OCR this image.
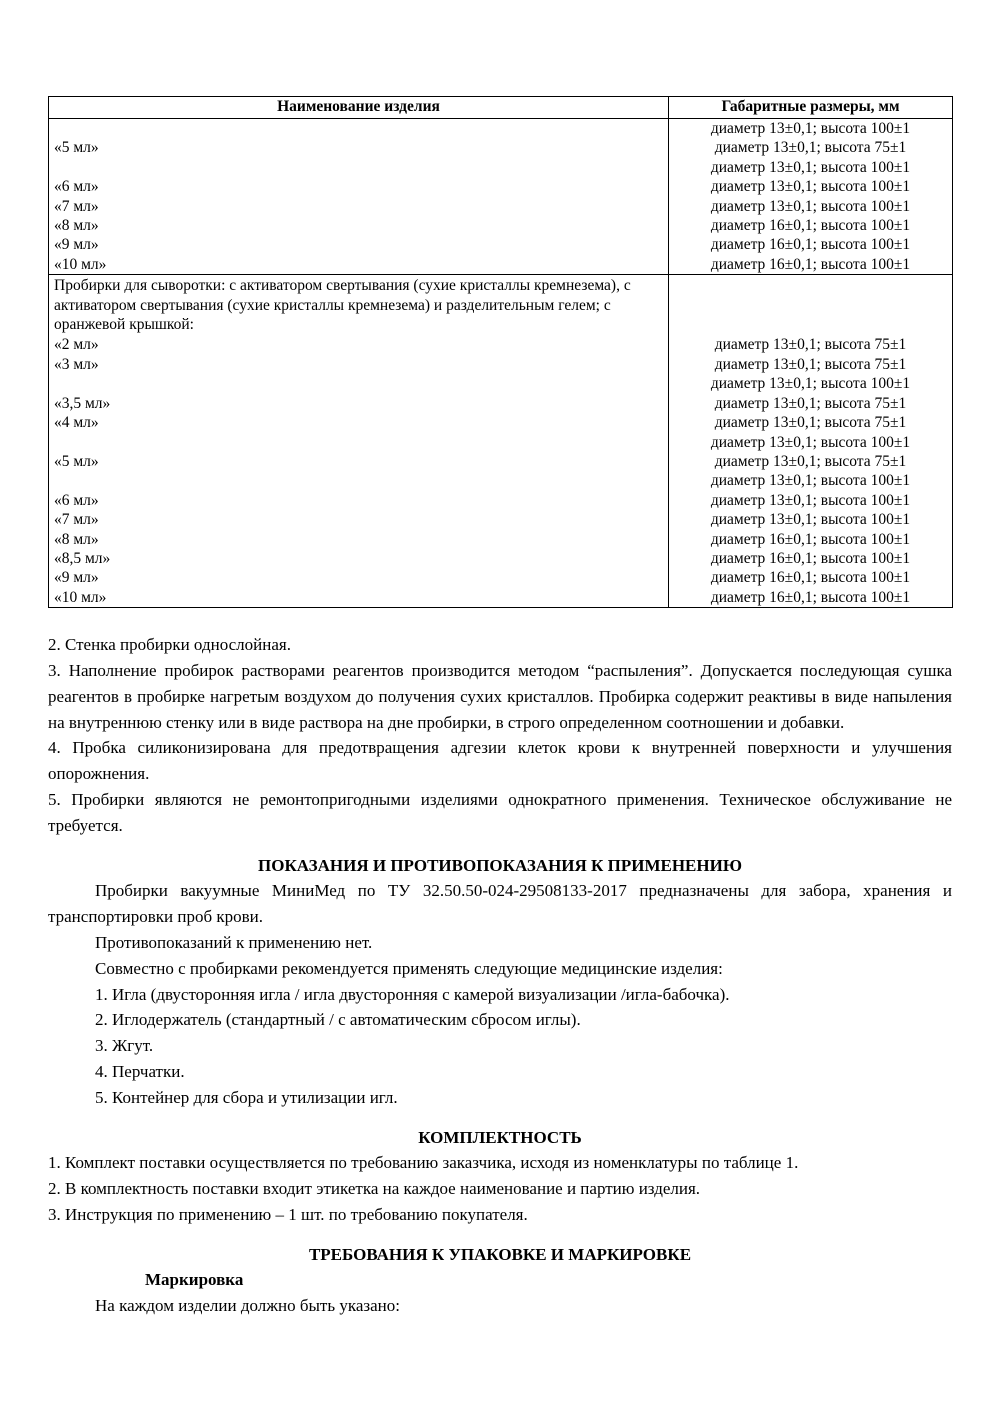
Наименование изделия	Габаритные размеры, мм
	диаметр 13±0,1; высота 100±1
«5 мл»	диаметр 13±0,1; высота 75±1
	диаметр 13±0,1; высота 100±1
«6 мл»	диаметр 13±0,1; высота 100±1
«7 мл»	диаметр 13±0,1; высота 100±1
«8 мл»	диаметр 16±0,1; высота 100±1
«9 мл»	диаметр 16±0,1; высота 100±1
«10 мл»	диаметр 16±0,1; высота 100±1
Пробирки для сыворотки: с активатором свертывания (сухие кристаллы кремнезема), с активатором свертывания (сухие кристаллы кремнезема) и разделительным гелем; с оранжевой крышкой:	
«2 мл»	диаметр 13±0,1; высота 75±1
«3 мл»	диаметр 13±0,1; высота 75±1
	диаметр 13±0,1; высота 100±1
«3,5 мл»	диаметр 13±0,1; высота 75±1
«4 мл»	диаметр 13±0,1; высота 75±1
	диаметр 13±0,1; высота 100±1
«5 мл»	диаметр 13±0,1; высота 75±1
	диаметр 13±0,1; высота 100±1
«6 мл»	диаметр 13±0,1; высота 100±1
«7 мл»	диаметр 13±0,1; высота 100±1
«8 мл»	диаметр 16±0,1; высота 100±1
«8,5 мл»	диаметр 16±0,1; высота 100±1
«9 мл»	диаметр 16±0,1; высота 100±1
«10 мл»	диаметр 16±0,1; высота 100±1
2. Стенка пробирки однослойная.
3. Наполнение пробирок растворами реагентов производится методом “распыления”. Допускается последующая сушка реагентов в пробирке нагретым воздухом до получения сухих кристаллов. Пробирка содержит реактивы в виде напыления на внутреннюю стенку или в виде раствора на дне пробирки, в строго определенном соотношении и добавки.
4. Пробка силиконизирована для предотвращения адгезии клеток крови к внутренней поверхности и улучшения опорожнения.
5. Пробирки являются не ремонтопригодными изделиями однократного применения. Техническое обслуживание не требуется.
ПОКАЗАНИЯ И ПРОТИВОПОКАЗАНИЯ К ПРИМЕНЕНИЮ
Пробирки вакуумные МиниМед по ТУ 32.50.50-024-29508133-2017 предназначены для забора, хранения и транспортировки проб крови.
Противопоказаний к применению нет.
Совместно с пробирками рекомендуется применять следующие медицинские изделия:
1. Игла (двусторонняя игла / игла двусторонняя с камерой визуализации /игла-бабочка).
2. Иглодержатель (стандартный / с автоматическим сбросом иглы).
3. Жгут.
4. Перчатки.
5. Контейнер для сбора и утилизации игл.
КОМПЛЕКТНОСТЬ
1. Комплект поставки осуществляется по требованию заказчика, исходя из номенклатуры по таблице 1.
2. В комплектность поставки входит этикетка на каждое наименование и партию изделия.
3. Инструкция по применению – 1 шт. по требованию покупателя.
ТРЕБОВАНИЯ К УПАКОВКЕ И МАРКИРОВКЕ
Маркировка
На каждом изделии должно быть указано:
